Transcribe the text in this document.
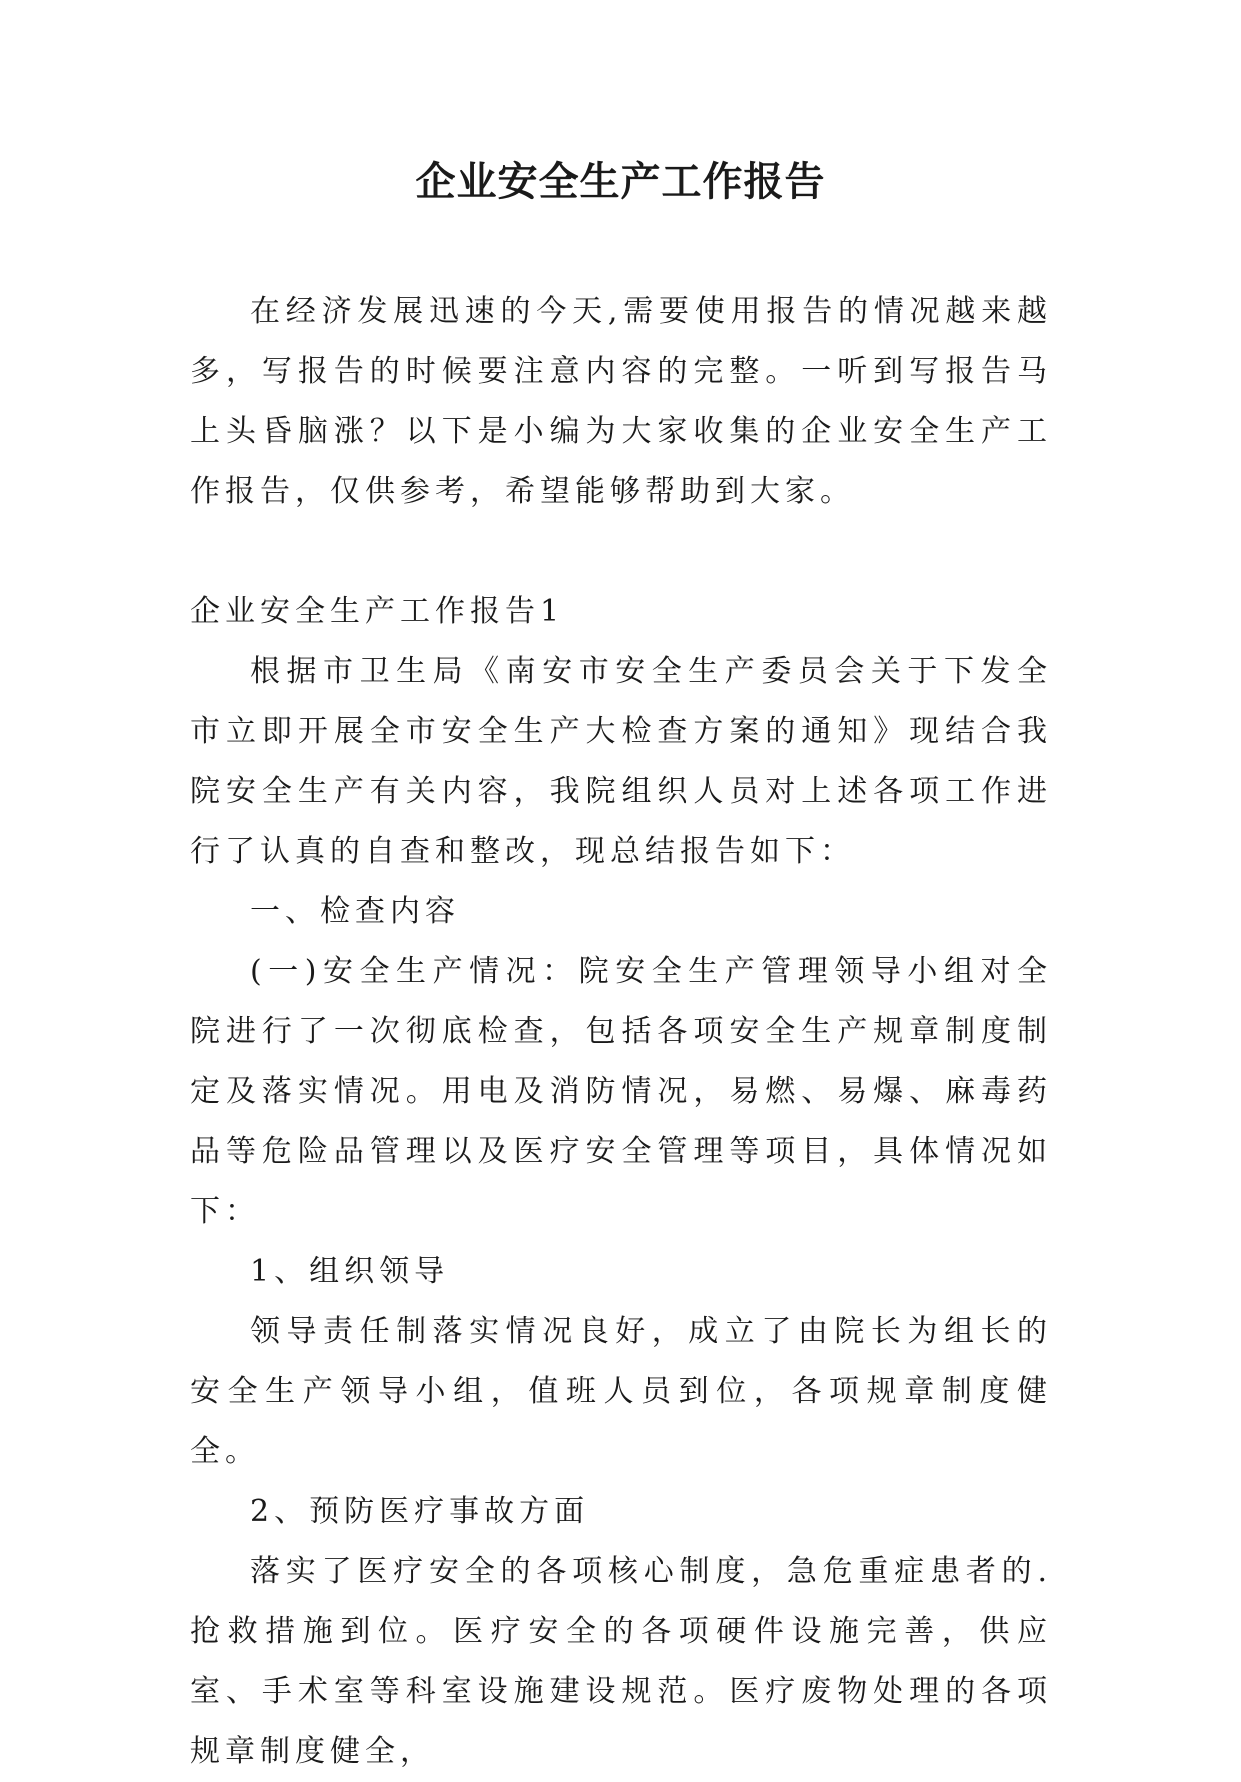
企业安全生产工作报告

在经济发展迅速的今天,需要使用报告的情况越来越多，写报告的时候要注意内容的完整。一听到写报告马上头昏脑涨？以下是小编为大家收集的企业安全生产工作报告，仅供参考，希望能够帮助到大家。

企业安全生产工作报告1

根据市卫生局《南安市安全生产委员会关于下发全市立即开展全市安全生产大检查方案的通知》现结合我院安全生产有关内容，我院组织人员对上述各项工作进行了认真的自查和整改，现总结报告如下：

一、检查内容

(一)安全生产情况：院安全生产管理领导小组对全院进行了一次彻底检查，包括各项安全生产规章制度制定及落实情况。用电及消防情况，易燃、易爆、麻毒药品等危险品管理以及医疗安全管理等项目，具体情况如下：

1、组织领导

领导责任制落实情况良好，成立了由院长为组长的安全生产领导小组，值班人员到位，各项规章制度健全。

2、预防医疗事故方面

落实了医疗安全的各项核心制度，急危重症患者的.抢救措施到位。医疗安全的各项硬件设施完善，供应室、手术室等科室设施建设规范。医疗废物处理的各项规章制度健全，
